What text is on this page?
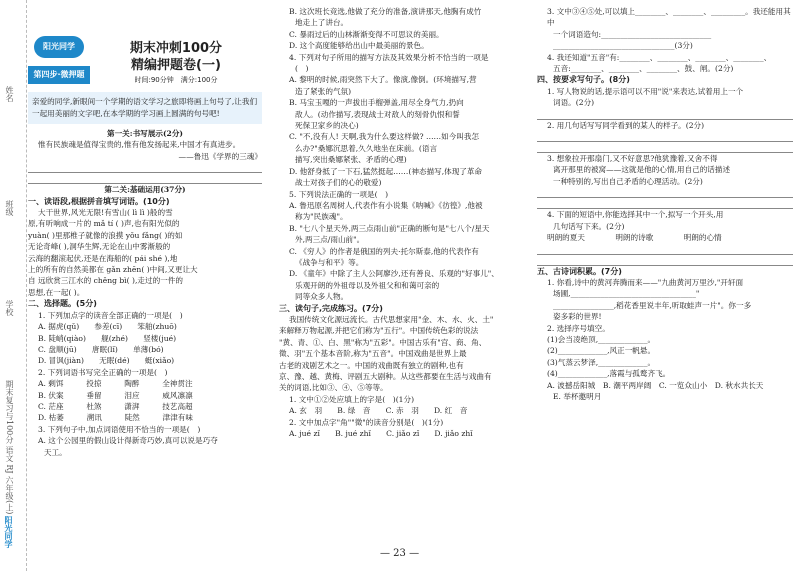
姓名
班级
学校
期末复习与100分 语文 RJ 六年级(上)
阳光同学
阳光同学
第四步·微押题
期末冲刺100分
精编押题卷(一)
时间:90分钟　满分:100分
亲爱的同学,新眼间一个学期的语文学习之旅即将画上句号了,让我们一起用美丽的文字吧,在本学期的学习画上圆满的句号吧!

第一关:书写展示(2分)

惟有民族魂是值得宝贵的,惟有他发扬起来,中国才有真进步。

——鲁迅《学界的三魂》

第二关:基础运用(37分)

一、读语段,根据拼音填写词语。(10分)

大干世界,风光无限!有雪山( lì lì )般的雪

原,有听响成一片的 mǎ tí ( )声,也有阳光似的

yuàn( )里那椎子就像的浪摸 yǒu fǎng( )的如

无论奇峰( ),洞华生辉,无论在山中雾渐般的

云海的翻滚起伏,还是在海船的( pái shé ),地

上的所有的自然美都在 gǎn zhēn( )中间,又更让大

自 远欣赏三江水的 chěng bì( ),走过的一件的

思想,在一起( )。

二、选择题。(5分)

1. 下列加点字的读音全部正确的一项是(　)

A. 据虎(qǔ)　　参差(cī)　　笨舶(zhuō)

B. 陡峭(qiào)　　舰(zhé)　　竖楼(jué)

C. 盘顺(jū)　　唐眠(lǐ)　　单薄(bó)

D. 冒讽(jiàn)　　无眠(dé)　　蜓(xiǎo)

2. 下列词语书写完全正确的一项是(　)

A. 剩饵　　　投掠　　　陶醉　　　全神贯注

B. 伏案　　　垂留　　　泪应　　　威风凛凛

C. 茫座　　　杜煞　　　潇湃　　　技艺高超

D. 枯萎　　　溯讯　　　陡然　　　津津有味

3. 下列句子中,加点词语使用不恰当的一项是(　)

A. 这个公园里的假山设计得新奇巧妙,真可以说是巧夺

天工。

B. 这次班长竞选,他做了充分的准备,演讲那天,他胸有成竹

地走上了讲台。

C. 暴雨过后的山林渐渐变得不可思议的美丽。

D. 这个高度能够给出山中最美丽的景色。

4. 下列对句子所用的描写方法及其效果分析不恰当的一项是

(　)

A. 黎明的时候,雨突然下大了。像演,像倒。(环境描写,营

造了紧张的气氛)

B. 马宝玉嘎的一声拔出手榴弹盖,用尽全身气力,扔向

敌人。(动作描写,表现战士对敌人的刻骨仇恨和誓

死保卫家乡的决心)

C. "不,没有人! 天啊,我为什么要这样做? ……如今叫我怎

么办?"桑娜沉思着,久久地坐在床前。(语言

描写,突出桑娜紧张、矛盾的心理)

D. 他舒身抵了一下石,猛然挺起……(神态描写,体现了革命

战士对孩子们的心的敬爱)

5. 下列说法正确的一项是(　)

A. 鲁迅原名周树人,代表作有小说集《呐喊》《彷徨》,他被

称为"民族魂"。

B. "七八个星天外,两三点雨山前"正确的断句是"七八个/星天

外,两三点/雨山前"。

C. 《穷人》的作者是俄国的列夫·托尔斯泰,他的代表作有

《战争与和平》等。

D. 《童年》中除了主人公阿廖沙,还有善良、乐观的"好事儿"、

乐观开朗的外祖母以及外祖父和和蔼可亲的

同等众多人物。

三、读句子,完成练习。(7分)

我国传统文化源远流长。古代思想家用"金、木、水、火、土"

来解释万物起源,并把它们称为"五行"。中国传统色彩的说法

"黄、青、①、白、黑"称为"五彩"。中国古乐有"宫、商、角、

徵、羽"五个基本音阶,称为"五音"。中国戏曲是世界上最

古老的戏剧艺术之一。中国的戏曲既有独立的剧种,也有

京、豫、越、黄梅、评剧五大剧种。从这些都要在生活与戏曲有

关的词语,比如③、④、⑤等等。

1. 文中①②处应填上的字是(　)(1分)

A. 玄　羽　　B. 绿　音　　C. 赤　羽　　D. 红　音

2. 文中加点字"角""徵"的读音分别是(　)(1分)

A. jué zǐ　　B. jué zhǐ　　C. jiǎo zǐ　　D. jiǎo zhǐ

3. 文中③④⑤处,可以填上________、________、_________。我还能用其中

一个词语造句:_____________________________

________________________________(3分)

4. 我还知道"五音"有:________、________、________、________、

五音:________、________、________、鼓、闸。(2分)

四、按要求写句子。(8分)

1. 写人物说的话,提示语可以不用"说"来表达,试着用上一个

词语。(2分)

2. 用几句话写写同学看到的某人的样子。(2分)

3. 想象拉开那扇门,又不好意思?他犹豫着,又舍不得

离开那里的被窝——这就是他的心情,用自己的话描述

一种特别的,写出自己矛盾的心理活动。(2分)

4. 下面的短语中,你能选择其中一个,拟写一个开头,用

几句话写下来。(2分)

明朗的夏天　　　　明朗的诗歌　　　　明朗的心情

五、古诗词积累。(7分)

1. 你看,诗中的黄河奔腾而来——"九曲黄河万里沙,"开轩面

场圃,_________________________________"

________________,稻花香里说丰年,听取蛙声一片"。你一多

姿多彩的世界!

2. 选择序号填空。

(1)会当凌绝顶,_____________。

(2)_____________,风正一帆悬。

(3)气蒸云梦泽,_____________。

(4)_____________,落霞与孤鹜齐飞。

A. 波撼岳阳城　B. 潮平两岸阔　C. 一览众山小　D. 秋水共长天

E. 举杯邀明月

— 23 —
